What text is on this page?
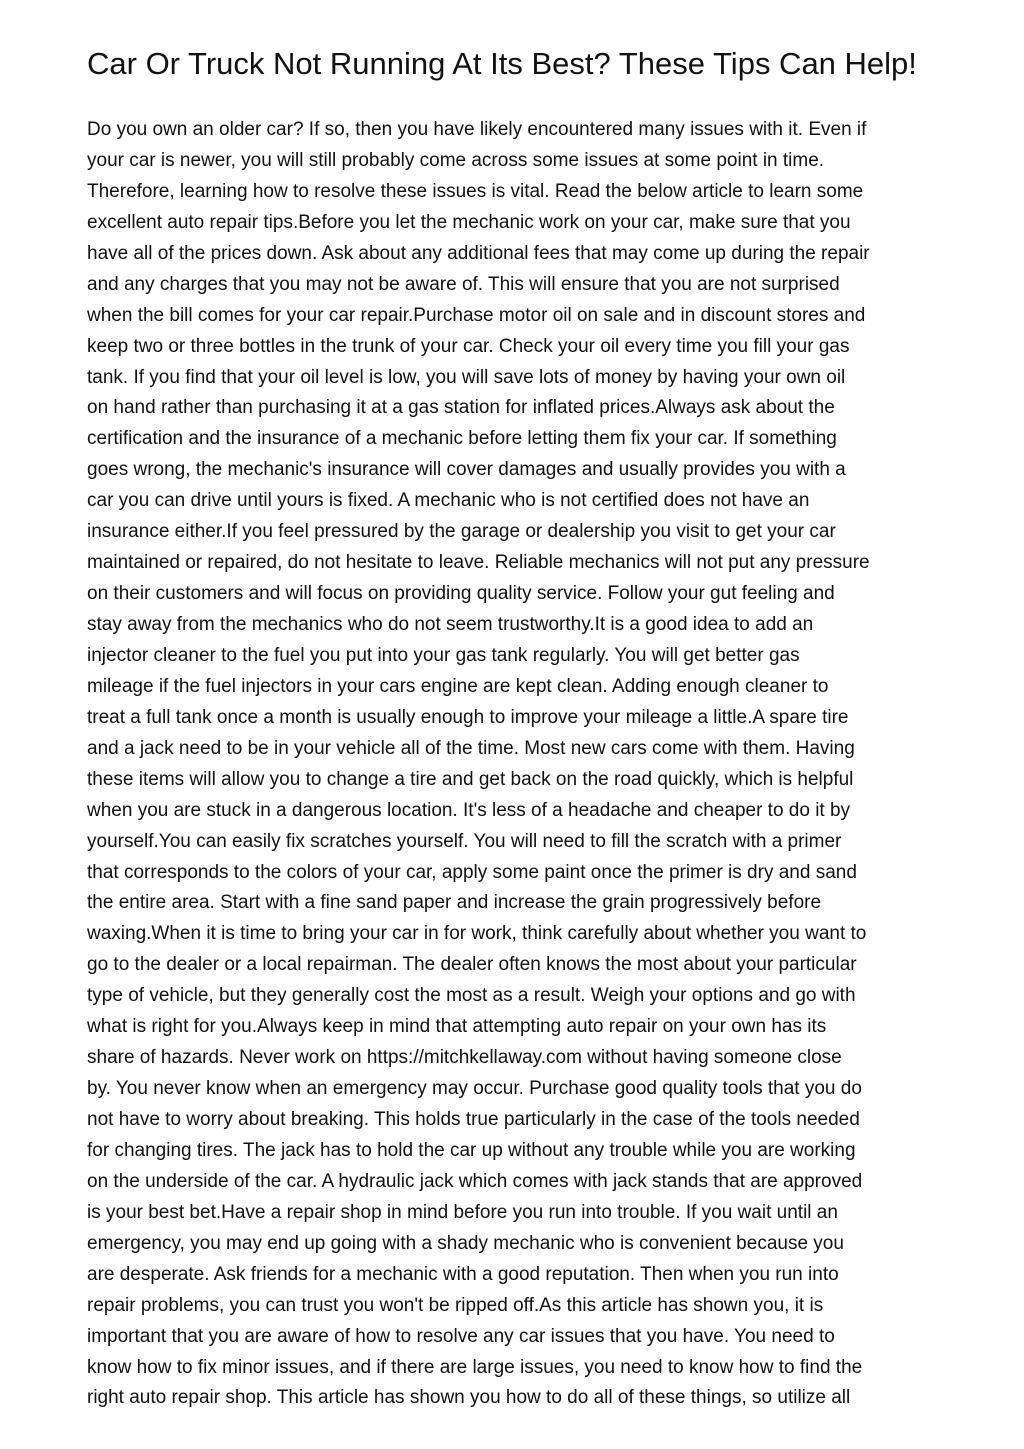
Car Or Truck Not Running At Its Best? These Tips Can Help!
Do you own an older car? If so, then you have likely encountered many issues with it. Even if
your car is newer, you will still probably come across some issues at some point in time.
Therefore, learning how to resolve these issues is vital. Read the below article to learn some
excellent auto repair tips.Before you let the mechanic work on your car, make sure that you
have all of the prices down. Ask about any additional fees that may come up during the repair
and any charges that you may not be aware of. This will ensure that you are not surprised
when the bill comes for your car repair.Purchase motor oil on sale and in discount stores and
keep two or three bottles in the trunk of your car. Check your oil every time you fill your gas
tank. If you find that your oil level is low, you will save lots of money by having your own oil
on hand rather than purchasing it at a gas station for inflated prices.Always ask about the
certification and the insurance of a mechanic before letting them fix your car. If something
goes wrong, the mechanic's insurance will cover damages and usually provides you with a
car you can drive until yours is fixed. A mechanic who is not certified does not have an
insurance either.If you feel pressured by the garage or dealership you visit to get your car
maintained or repaired, do not hesitate to leave. Reliable mechanics will not put any pressure
on their customers and will focus on providing quality service. Follow your gut feeling and
stay away from the mechanics who do not seem trustworthy.It is a good idea to add an
injector cleaner to the fuel you put into your gas tank regularly. You will get better gas
mileage if the fuel injectors in your cars engine are kept clean. Adding enough cleaner to
treat a full tank once a month is usually enough to improve your mileage a little.A spare tire
and a jack need to be in your vehicle all of the time. Most new cars come with them. Having
these items will allow you to change a tire and get back on the road quickly, which is helpful
when you are stuck in a dangerous location. It's less of a headache and cheaper to do it by
yourself.You can easily fix scratches yourself. You will need to fill the scratch with a primer
that corresponds to the colors of your car, apply some paint once the primer is dry and sand
the entire area. Start with a fine sand paper and increase the grain progressively before
waxing.When it is time to bring your car in for work, think carefully about whether you want to
go to the dealer or a local repairman. The dealer often knows the most about your particular
type of vehicle, but they generally cost the most as a result. Weigh your options and go with
what is right for you.Always keep in mind that attempting auto repair on your own has its
share of hazards. Never work on https://mitchkellaway.com without having someone close
by. You never know when an emergency may occur. Purchase good quality tools that you do
not have to worry about breaking. This holds true particularly in the case of the tools needed
for changing tires. The jack has to hold the car up without any trouble while you are working
on the underside of the car. A hydraulic jack which comes with jack stands that are approved
is your best bet.Have a repair shop in mind before you run into trouble. If you wait until an
emergency, you may end up going with a shady mechanic who is convenient because you
are desperate. Ask friends for a mechanic with a good reputation. Then when you run into
repair problems, you can trust you won't be ripped off.As this article has shown you, it is
important that you are aware of how to resolve any car issues that you have. You need to
know how to fix minor issues, and if there are large issues, you need to know how to find the
right auto repair shop. This article has shown you how to do all of these things, so utilize all
